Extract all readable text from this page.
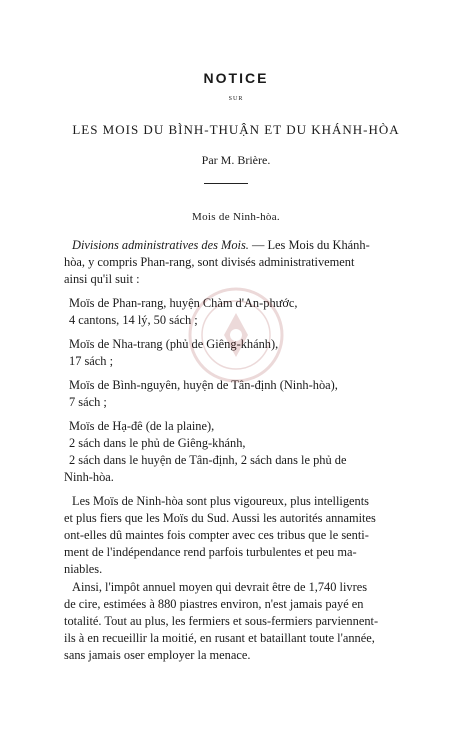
NOTICE
SUR
LES MOIS DU BÌNH-THUẬN ET DU KHÁNH-HÒA
Par M. Brière.
Mois de Ninh-hòa.
Divisions administratives des Mois. — Les Mois du Khánh-
hòa, y compris Phan-rang, sont divisés administrativement
ainsi qu'il suit :
Moïs de Phan-rang, huyện Chàm d'An-phước,
4 cantons, 14 lý, 50 sách ;
Moïs de Nha-trang (phủ de Giêng-khánh),
17 sách ;
Moïs de Bình-nguyên, huyện de Tân-định (Ninh-hòa),
7 sách ;
Moïs de Hạ-đê (de la plaine),
2 sách dans le phủ de Giêng-khánh,
2 sách dans le huyện de Tân-định, 2 sách dans le phủ de
Ninh-hòa.
Les Moïs de Ninh-hòa sont plus vigoureux, plus intelligents
et plus fiers que les Moïs du Sud. Aussi les autorités annamites
ont-elles dû maintes fois compter avec ces tribus que le senti-
ment de l'indépendance rend parfois turbulentes et peu ma-
niables.
Ainsi, l'impôt annuel moyen qui devrait être de 1,740 livres
de cire, estimées à 880 piastres environ, n'est jamais payé en
totalité. Tout au plus, les fermiers et sous-fermiers parviennent-
ils à en recueillir la moitié, en rusant et bataillant toute l'année,
sans jamais oser employer la menace.
